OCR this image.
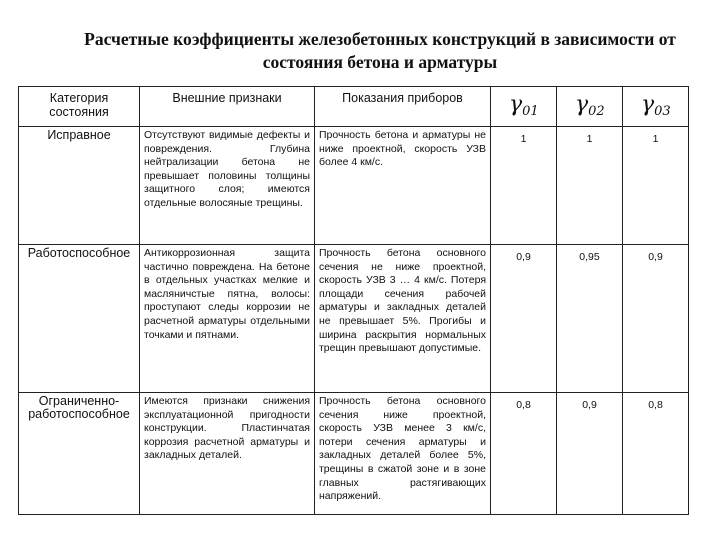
Расчетные коэффициенты железобетонных конструкций в зависимости от состояния бетона и арматуры
Категория состояния	Внешние признаки	Показания приборов	$\gamma_{01}$	$\gamma_{02}$	$\gamma_{03}$
Исправное	Отсутствуют видимые дефекты и повреждения. Глубина нейтрализации бетона не превышает половины толщины защитного слоя; имеются отдельные волосяные трещины.	Прочность бетона и арматуры не ниже проектной, скорость УЗВ более 4 км/с.	1	1	1
Работоспособное	Антикоррозионная защита частично повреждена. На бетоне в отдельных участках мелкие и масляничстые пятна, волосы: проступают следы коррозии не расчетной арматуры отдельными точками и пятнами.	Прочность бетона основного сечения не ниже проектной, скорость УЗВ 3 … 4 км/с. Потеря площади сечения рабочей арматуры и закладных деталей не превышает 5%. Прогибы и ширина раскрытия нормальных трещин превышают допустимые.	0,9	0,95	0,9
Ограниченно-работоспособное	Имеются признаки снижения эксплуатационной пригодности конструкции. Пластинчатая коррозия расчетной арматуры и закладных деталей.	Прочность бетона основного сечения ниже проектной, скорость УЗВ менее 3 км/с, потери сечения арматуры и закладных деталей более 5%, трещины в сжатой зоне и в зоне главных растягивающих напряжений.	0,8	0,9	0,8
